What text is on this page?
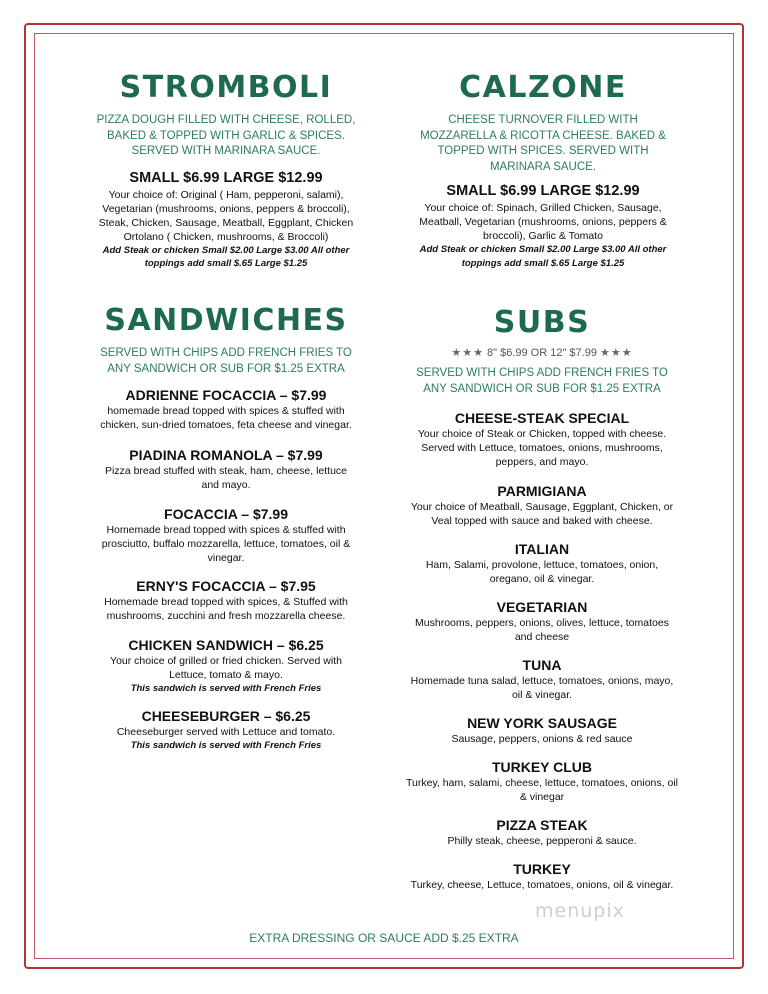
STROMBOLI

PIZZA DOUGH FILLED WITH CHEESE, ROLLED, BAKED & TOPPED WITH GARLIC & SPICES. SERVED WITH MARINARA SAUCE.

SMALL $6.99 LARGE $12.99

Your choice of: Original ( Ham, pepperoni, salami), Vegetarian (mushrooms, onions, peppers & broccoli), Steak, Chicken, Sausage, Meatball, Eggplant, Chicken Ortolano ( Chicken, mushrooms, & Broccoli)

Add Steak or chicken Small $2.00 Large $3.00 All other toppings add small $.65 Large $1.25

CALZONE

CHEESE TURNOVER FILLED WITH MOZZARELLA & RICOTTA CHEESE. BAKED & TOPPED WITH SPICES. SERVED WITH MARINARA SAUCE.

SMALL $6.99 LARGE $12.99

Your choice of: Spinach, Grilled Chicken, Sausage, Meatball, Vegetarian (mushrooms, onions, peppers & broccoli), Garlic & Tomato

Add Steak or chicken Small $2.00 Large $3.00 All other toppings add small $.65 Large $1.25

SANDWICHES

SERVED WITH CHIPS ADD FRENCH FRIES TO ANY SANDWICH OR SUB FOR $1.25 EXTRA

ADRIENNE FOCACCIA – $7.99

homemade bread topped with spices & stuffed with chicken, sun-dried tomatoes, feta cheese and vinegar.

PIADINA ROMANOLA – $7.99

Pizza bread stuffed with steak, ham, cheese, lettuce and mayo.

FOCACCIA – $7.99

Homemade bread topped with spices & stuffed with prosciutto, buffalo mozzarella, lettuce, tomatoes, oil & vinegar.

ERNY'S FOCACCIA – $7.95

Homemade bread topped with spices, & Stuffed with mushrooms, zucchini and fresh mozzarella cheese.

CHICKEN SANDWICH – $6.25

Your choice of grilled or fried chicken. Served with Lettuce, tomato & mayo.

This sandwich is served with French Fries

CHEESEBURGER – $6.25

Cheeseburger served with Lettuce and tomato.

This sandwich is served with French Fries

SUBS

★★★ 8" $6.99 OR 12" $7.99 ★★★

SERVED WITH CHIPS ADD FRENCH FRIES TO ANY SANDWICH OR SUB FOR $1.25 EXTRA

CHEESE-STEAK SPECIAL

Your choice of Steak or Chicken, topped with cheese. Served with Lettuce, tomatoes, onions, mushrooms, peppers, and mayo.

PARMIGIANA

Your choice of Meatball, Sausage, Eggplant, Chicken, or Veal topped with sauce and baked with cheese.

ITALIAN

Ham, Salami, provolone, lettuce, tomatoes, onion, oregano, oil & vinegar.

VEGETARIAN

Mushrooms, peppers, onions, olives, lettuce, tomatoes and cheese

TUNA

Homemade tuna salad, lettuce, tomatoes, onions, mayo, oil & vinegar.

NEW YORK SAUSAGE

Sausage, peppers, onions & red sauce

TURKEY CLUB

Turkey, ham, salami, cheese, lettuce, tomatoes, onions, oil & vinegar

PIZZA STEAK

Philly steak, cheese, pepperoni & sauce.

TURKEY

Turkey, cheese, Lettuce, tomatoes, onions, oil & vinegar.

menupix
EXTRA DRESSING OR SAUCE ADD $.25 EXTRA
